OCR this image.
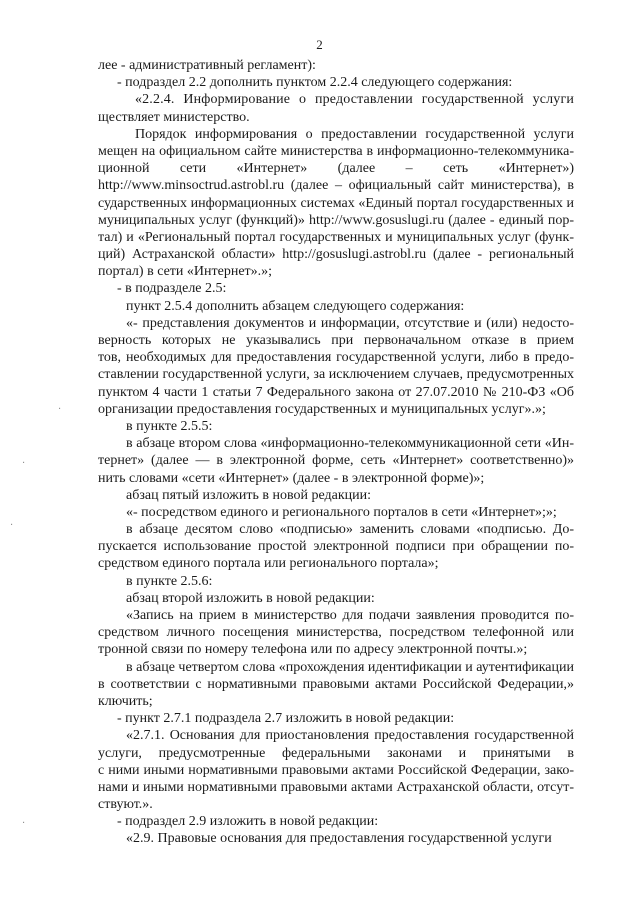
2
лее - административный регламент):
- подраздел 2.2 дополнить пунктом 2.2.4 следующего содержания:
«2.2.4. Информирование о предоставлении государственной услуги
ществляет министерство.
Порядок информирования о предоставлении государственной услуги
мещен на официальном сайте министерства в информационно-телекоммуника-
ционной сети «Интернет» (далее – сеть «Интернет»)
http://www.minsoctrud.astrobl.ru (далее – официальный сайт министерства), в
сударственных информационных системах «Единый портал государственных и
муниципальных услуг (функций)» http://www.gosuslugi.ru (далее - единый пор-
тал) и «Региональный портал государственных и муниципальных услуг (функ-
ций) Астраханской области» http://gosuslugi.astrobl.ru (далее - региональный
портал) в сети «Интернет».»;
- в подразделе 2.5:
пункт 2.5.4 дополнить абзацем следующего содержания:
«- представления документов и информации, отсутствие и (или) недосто-
верность которых не указывались при первоначальном отказе в прием
тов, необходимых для предоставления государственной услуги, либо в предо-
ставлении государственной услуги, за исключением случаев, предусмотренных
пунктом 4 части 1 статьи 7 Федерального закона от 27.07.2010 № 210-ФЗ «Об
организации предоставления государственных и муниципальных услуг».»;
в пункте 2.5.5:
в абзаце втором слова «информационно-телекоммуникационной сети «Ин-
тернет» (далее — в электронной форме, сеть «Интернет» соответственно)»
нить словами «сети «Интернет» (далее - в электронной форме)»;
абзац пятый изложить в новой редакции:
«- посредством единого и регионального порталов в сети «Интернет»;»;
в абзаце десятом слово «подписью» заменить словами «подписью. До-
пускается использование простой электронной подписи при обращении по-
средством единого портала или регионального портала»;
в пункте 2.5.6:
абзац второй изложить в новой редакции:
«Запись на прием в министерство для подачи заявления проводится по-
средством личного посещения министерства, посредством телефонной или
тронной связи по номеру телефона или по адресу электронной почты.»;
в абзаце четвертом слова «прохождения идентификации и аутентификации
в соответствии с нормативными правовыми актами Российской Федерации,»
ключить;
- пункт 2.7.1 подраздела 2.7 изложить в новой редакции:
«2.7.1. Основания для приостановления предоставления государственной
услуги, предусмотренные федеральными законами и принятыми в
с ними иными нормативными правовыми актами Российской Федерации, зако-
нами и иными нормативными правовыми актами Астраханской области, отсут-
ствуют.».
- подраздел 2.9 изложить в новой редакции:
«2.9. Правовые основания для предоставления государственной услуги
·
·
·
·
